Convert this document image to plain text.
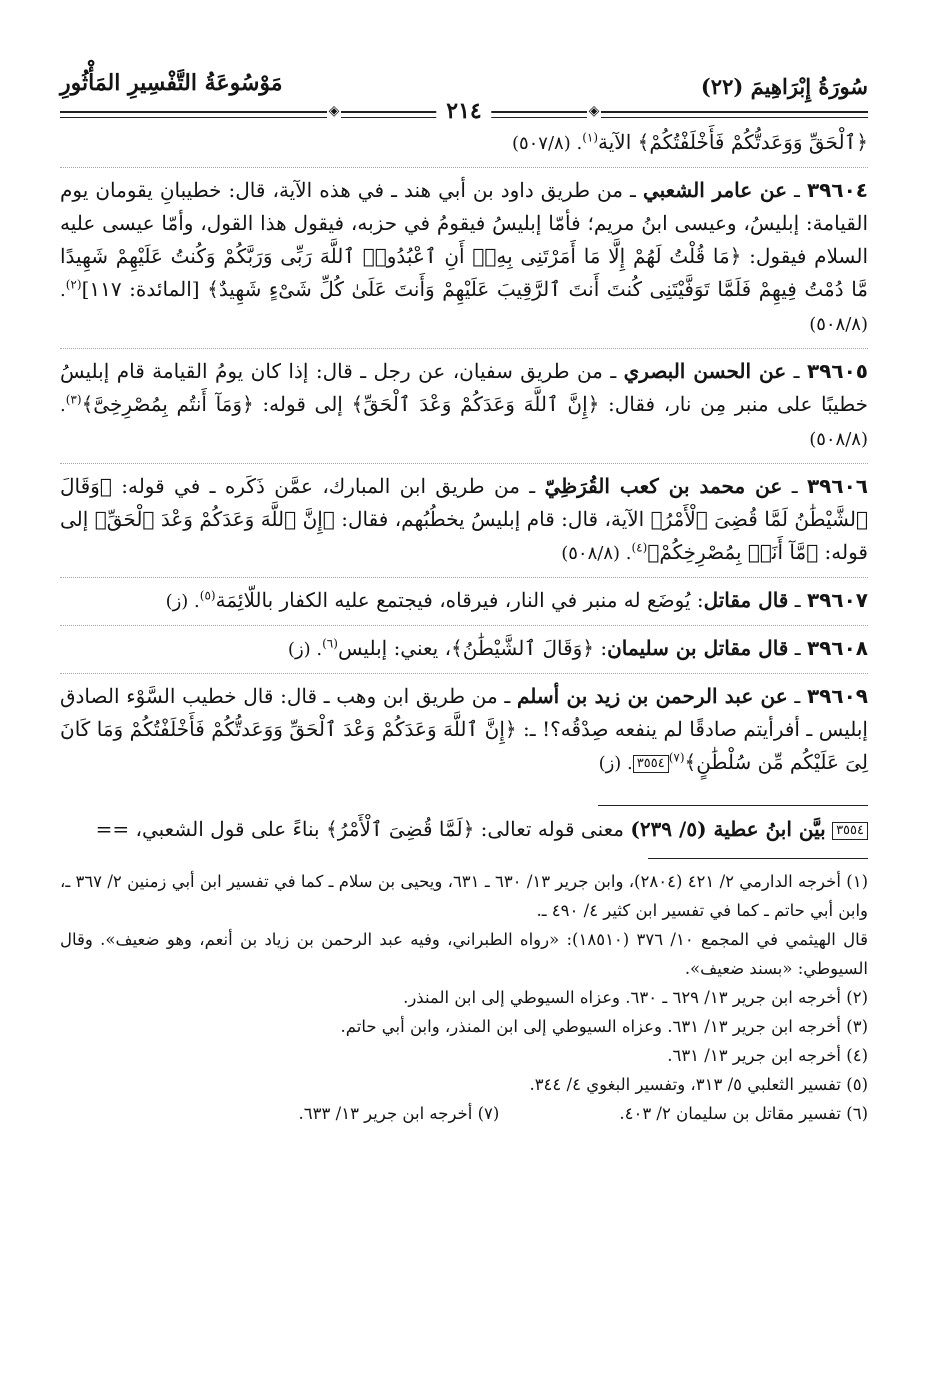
سُورَةُ إِبْرَاهِيمَ (٢٢)
مَوْسُوعَةُ التَّفْسِيرِ المَأْثُورِ
◈
◈	٢١٤

﴿ٱلْحَقِّ وَوَعَدتُّكُمْ فَأَخْلَفْتُكُمْ﴾ الآية$^{(١)}$. (٥٠٧/٨)

٣٩٦٠٤ ـ عن عامر الشعبي ـ من طريق داود بن أبي هند ـ في هذه الآية، قال: خطيبانِ يقومان يوم القيامة: إبليسُ، وعيسى ابنُ مريم؛ فأمّا إبليسُ فيقومُ في حزبه، فيقول هذا القول، وأمّا عيسى عليه السلام فيقول: ﴿مَا قُلْتُ لَهُمْ إِلَّا مَا أَمَرْتَنِى بِهِۦٓ أَنِ ٱعْبُدُوا۟ ٱللَّهَ رَبِّى وَرَبَّكُمْ وَكُنتُ عَلَيْهِمْ شَهِيدًا مَّا دُمْتُ فِيهِمْ فَلَمَّا تَوَفَّيْتَنِى كُنتَ أَنتَ ٱلرَّقِيبَ عَلَيْهِمْ وَأَنتَ عَلَىٰ كُلِّ شَىْءٍ شَهِيدٌ﴾ [المائدة: ١١٧]$^{(٢)}$. (٥٠٨/٨)

٣٩٦٠٥ ـ عن الحسن البصري ـ من طريق سفيان، عن رجل ـ قال: إذا كان يومُ القيامة قام إبليسُ خطيبًا على منبر مِن نار، فقال: ﴿إِنَّ ٱللَّهَ وَعَدَكُمْ وَعْدَ ٱلْحَقِّ﴾ إلى قوله: ﴿وَمَآ أَنتُم بِمُصْرِخِىَّ﴾$^{(٣)}$. (٥٠٨/٨)

٣٩٦٠٦ ـ عن محمد بن كعب القُرَظِيّ ـ من طريق ابن المبارك، عمَّن ذَكَره ـ في قوله: ﴿وَقَالَ ٱلشَّيْطَٰنُ لَمَّا قُضِىَ ٱلْأَمْرُ﴾ الآية، قال: قام إبليسُ يخطُبُهم، فقال: ﴿إِنَّ ٱللَّهَ وَعَدَكُمْ وَعْدَ ٱلْحَقِّ﴾ إلى قوله: ﴿مَّآ أَنَا۠ بِمُصْرِخِكُمْ﴾$^{(٤)}$. (٥٠٨/٨)

٣٩٦٠٧ ـ قال مقاتل: يُوضَع له منبر في النار، فيرقاه، فيجتمع عليه الكفار باللّائِمَة$^{(٥)}$. (ز)

٣٩٦٠٨ ـ قال مقاتل بن سليمان: ﴿وَقَالَ ٱلشَّيْطَٰنُ﴾، يعني: إبليس$^{(٦)}$. (ز)

٣٩٦٠٩ ـ عن عبد الرحمن بن زيد بن أسلم ـ من طريق ابن وهب ـ قال: قال خطيب السَّوْء الصادق إبليس ـ أفرأيتم صادقًا لم ينفعه صِدْقُه؟! ـ: ﴿إِنَّ ٱللَّهَ وَعَدَكُمْ وَعْدَ ٱلْحَقِّ وَوَعَدتُّكُمْ فَأَخْلَفْتُكُمْ وَمَا كَانَ لِىَ عَلَيْكُم مِّن سُلْطَٰنٍ﴾$^{(٧)}$٣٥٥٤. (ز)

٣٥٥٤ بيَّن ابنُ عطية (٥/ ٢٣٩) معنى قوله تعالى: ﴿لَمَّا قُضِىَ ٱلْأَمْرُ﴾ بناءً على قول الشعبي، ==

(١) أخرجه الدارمي ٢/ ٤٢١ (٢٨٠٤)، وابن جرير ١٣/ ٦٣٠ ـ ٦٣١، ويحيى بن سلام ـ كما في تفسير ابن أبي زمنين ٢/ ٣٦٧ ـ، وابن أبي حاتم ـ كما في تفسير ابن كثير ٤/ ٤٩٠ ـ.

قال الهيثمي في المجمع ١٠/ ٣٧٦ (١٨٥١٠): «رواه الطبراني، وفيه عبد الرحمن بن زياد بن أنعم، وهو ضعيف». وقال السيوطي: «بسند ضعيف».

(٢) أخرجه ابن جرير ١٣/ ٦٢٩ ـ ٦٣٠. وعزاه السيوطي إلى ابن المنذر.

(٣) أخرجه ابن جرير ١٣/ ٦٣١. وعزاه السيوطي إلى ابن المنذر، وابن أبي حاتم.

(٤) أخرجه ابن جرير ١٣/ ٦٣١.

(٥) تفسير الثعلبي ٥/ ٣١٣، وتفسير البغوي ٤/ ٣٤٤.

(٦) تفسير مقاتل بن سليمان ٢/ ٤٠٣.

(٧) أخرجه ابن جرير ١٣/ ٦٣٣.
